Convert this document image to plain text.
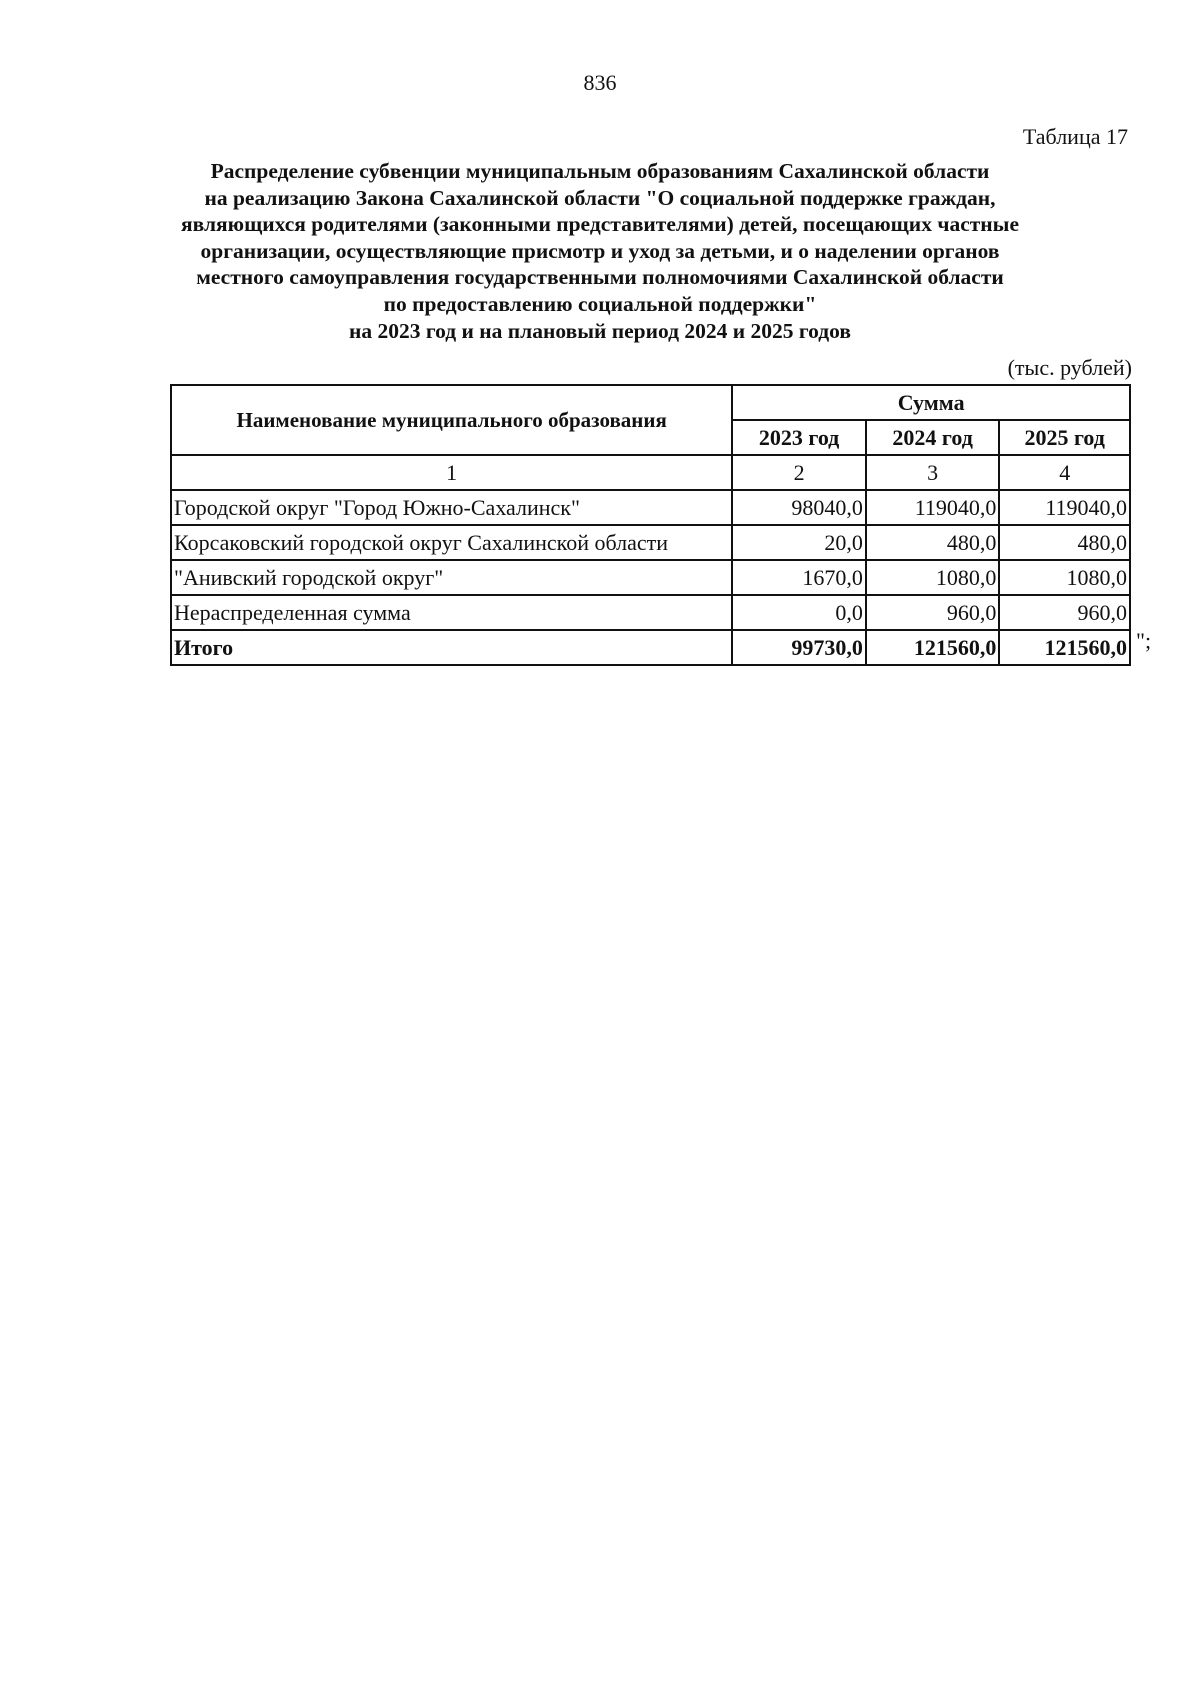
836
Таблица 17
Распределение субвенции муниципальным образованиям Сахалинской области
на реализацию Закона Сахалинской области "О социальной поддержке граждан,
являющихся родителями (законными представителями) детей, посещающих частные
организации, осуществляющие присмотр и уход за детьми, и о наделении органов
местного самоуправления государственными полномочиями Сахалинской области
по предоставлению социальной поддержки"
на 2023 год и на плановый период 2024 и 2025 годов
(тыс. рублей)
Наименование муниципального образования	Сумма		
	2023 год	2024 год	2025 год
1	2	3	4
Городской округ "Город Южно-Сахалинск"	98040,0	119040,0	119040,0
Корсаковский городской округ Сахалинской области	20,0	480,0	480,0
"Анивский городской округ"	1670,0	1080,0	1080,0
Нераспределенная сумма	0,0	960,0	960,0
Итого	99730,0	121560,0	121560,0 ";
